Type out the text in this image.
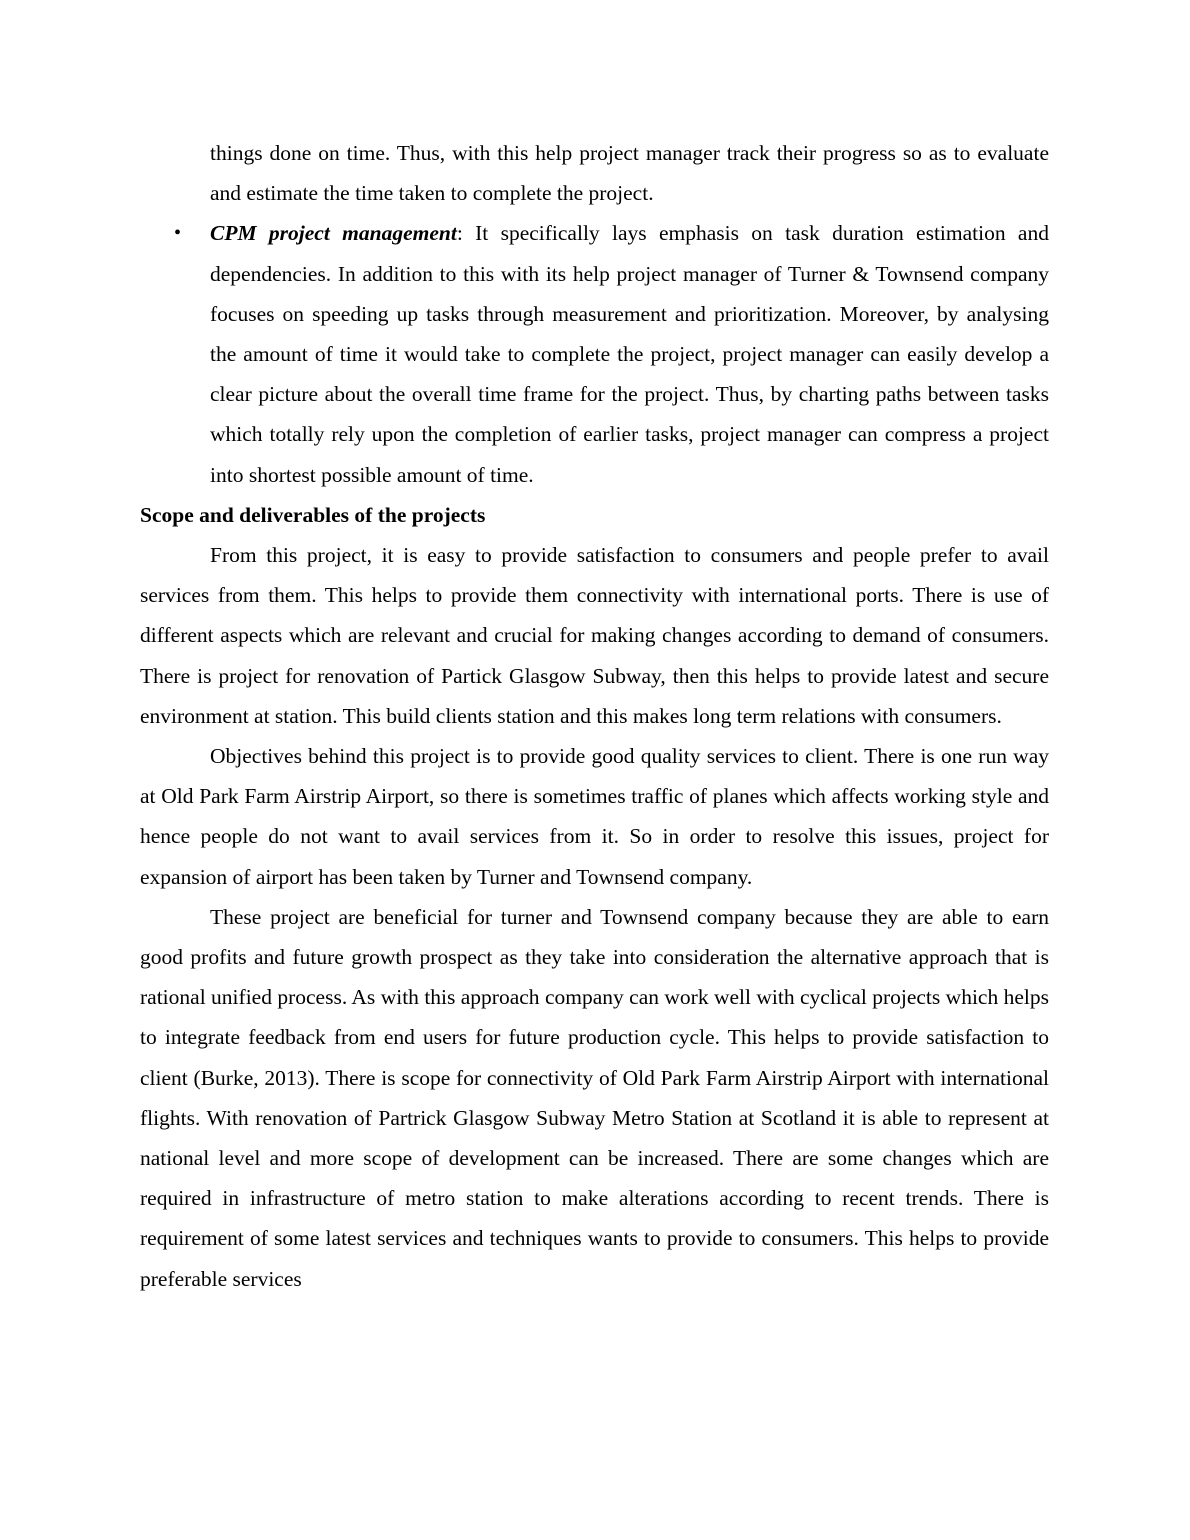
things done on time. Thus, with this help project manager track their progress so as to evaluate and estimate the time taken to complete the project.

• CPM project management: It specifically lays emphasis on task duration estimation and dependencies. In addition to this with its help project manager of Turner & Townsend company focuses on speeding up tasks through measurement and prioritization. Moreover, by analysing the amount of time it would take to complete the project, project manager can easily develop a clear picture about the overall time frame for the project. Thus, by charting paths between tasks which totally rely upon the completion of earlier tasks, project manager can compress a project into shortest possible amount of time.

Scope and deliverables of the projects

From this project, it is easy to provide satisfaction to consumers and people prefer to avail services from them. This helps to provide them connectivity with international ports. There is use of different aspects which are relevant and crucial for making changes according to demand of consumers. There is project for renovation of Partick Glasgow Subway, then this helps to provide latest and secure environment at station. This build clients station and this makes long term relations with consumers.

Objectives behind this project is to provide good quality services to client. There is one run way at Old Park Farm Airstrip Airport, so there is sometimes traffic of planes which affects working style and hence people do not want to avail services from it. So in order to resolve this issues, project for expansion of airport has been taken by Turner and Townsend company.

These project are beneficial for turner and Townsend company because they are able to earn good profits and future growth prospect as they take into consideration the alternative approach that is rational unified process. As with this approach company can work well with cyclical projects which helps to integrate feedback from end users for future production cycle. This helps to provide satisfaction to client (Burke, 2013). There is scope for connectivity of Old Park Farm Airstrip Airport with international flights. With renovation of Partrick Glasgow Subway Metro Station at Scotland it is able to represent at national level and more scope of development can be increased. There are some changes which are required in infrastructure of metro station to make alterations according to recent trends. There is requirement of some latest services and techniques wants to provide to consumers. This helps to provide preferable services
